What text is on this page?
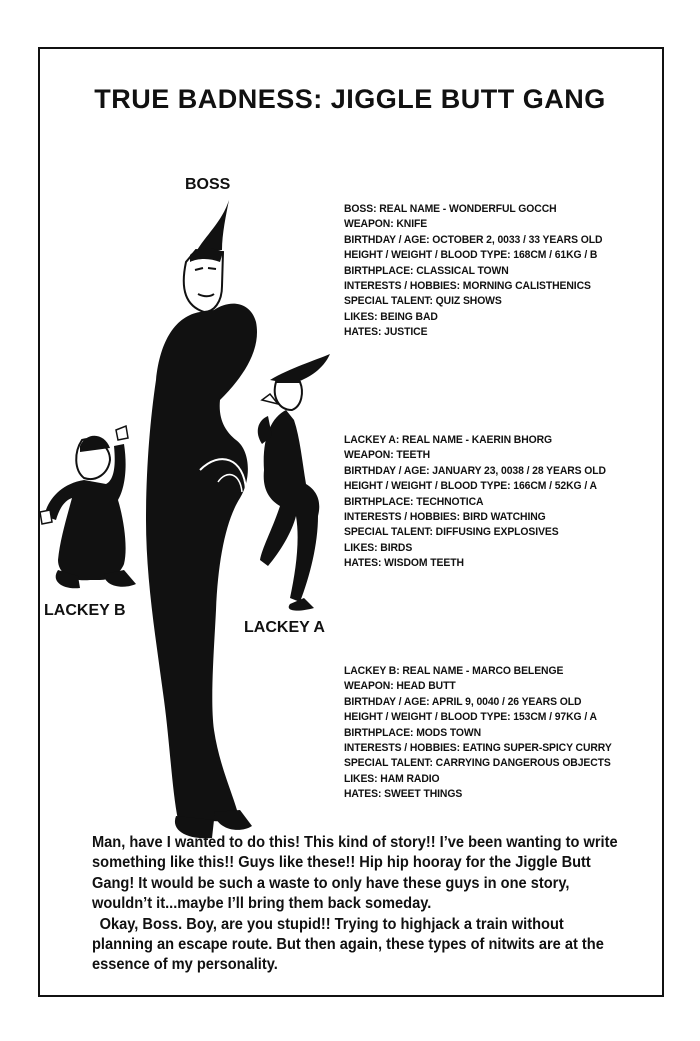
TRUE BADNESS: JIGGLE BUTT GANG
BOSS
LACKEY B
LACKEY A
BOSS: REAL NAME - WONDERFUL GOCCH
WEAPON: KNIFE
BIRTHDAY / AGE: OCTOBER 2, 0033 / 33 YEARS OLD
HEIGHT / WEIGHT / BLOOD TYPE: 168CM / 61KG / B
BIRTHPLACE: CLASSICAL TOWN
INTERESTS / HOBBIES: MORNING CALISTHENICS
SPECIAL TALENT: QUIZ SHOWS
LIKES: BEING BAD
HATES: JUSTICE
LACKEY A: REAL NAME - KAERIN BHORG
WEAPON: TEETH
BIRTHDAY / AGE: JANUARY 23, 0038 / 28 YEARS OLD
HEIGHT / WEIGHT / BLOOD TYPE: 166CM / 52KG / A
BIRTHPLACE: TECHNOTICA
INTERESTS / HOBBIES: BIRD WATCHING
SPECIAL TALENT: DIFFUSING EXPLOSIVES
LIKES: BIRDS
HATES: WISDOM TEETH
LACKEY B: REAL NAME - MARCO BELENGE
WEAPON: HEAD BUTT
BIRTHDAY / AGE: APRIL 9, 0040 / 26 YEARS OLD
HEIGHT / WEIGHT / BLOOD TYPE: 153CM / 97KG / A
BIRTHPLACE: MODS TOWN
INTERESTS / HOBBIES: EATING SUPER-SPICY CURRY
SPECIAL TALENT: CARRYING DANGEROUS OBJECTS
LIKES: HAM RADIO
HATES: SWEET THINGS

Man, have I wanted to do this! This kind of story!! I’ve been wanting to write something like this!! Guys like these!! Hip hip hooray for the Jiggle Butt Gang! It would be such a waste to only have these guys in one story, wouldn’t it...maybe I’ll bring them back someday.

Okay, Boss. Boy, are you stupid!! Trying to highjack a train without planning an escape route. But then again, these types of nitwits are at the essence of my personality.
